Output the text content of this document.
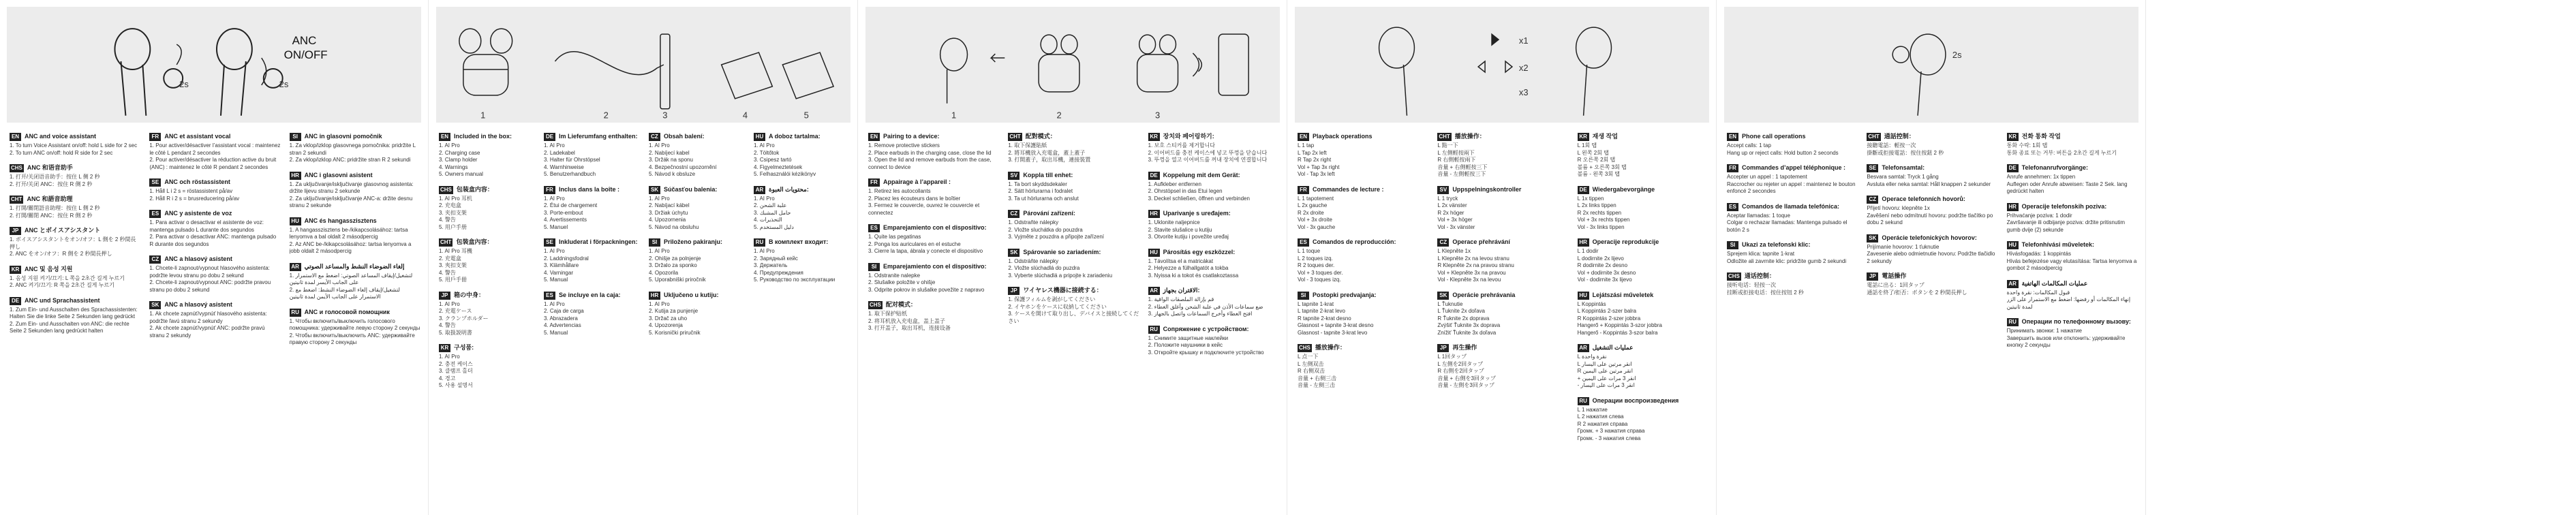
2s	2s
ANC
ON/OFF
EN ANC and voice assistant
1. To turn Voice Assistant on/off: hold L side for 2 sec
2. To turn ANC on/off: hold R side for 2 sec
CHS ANC 和语音助手
1. 打开/关闭语音助手：按住 L 侧 2 秒
2. 打开/关闭 ANC：按住 R 侧 2 秒
CHT ANC 和語音助理
1. 打開/關閉語音助理：按住 L 側 2 秒
2. 打開/關閉 ANC：按住 R 側 2 秒
JP ANC とボイスアシスタント
1. ボイスアシスタントをオン/オフ：L 側を 2 秒間長押し
2. ANC をオン/オフ：R 側を 2 秒間長押し
KR ANC 및 음성 지원
1. 음성 지원 켜기/끄기: L 쪽을 2초간 길게 누르기
2. ANC 켜기/끄기: R 쪽을 2초간 길게 누르기
DE ANC und Sprachassistent
1. Zum Ein- und Ausschalten des Sprachassistenten: Halten Sie die linke Seite 2 Sekunden lang gedrückt
2. Zum Ein- und Ausschalten von ANC: die rechte Seite 2 Sekunden lang gedrückt halten
FR ANC et assistant vocal
1. Pour activer/désactiver l’assistant vocal : maintenez le côté L pendant 2 secondes
2. Pour activer/désactiver la réduction active du bruit (ANC) : maintenez le côté R pendant 2 secondes
SE ANC och röstassistent
1. Håll L i 2 s = röstassistent på/av
2. Håll R i 2 s = brusreducering på/av
ES ANC y asistente de voz
1. Para activar o desactivar el asistente de voz: mantenga pulsado L durante dos segundos
2. Para activar o desactivar ANC: mantenga pulsado R durante dos segundos
CZ ANC a hlasový asistent
1. Chcete-li zapnout/vypnout hlasového asistenta: podržte levou stranu po dobu 2 sekund
2. Chcete-li zapnout/vypnout ANC: podržte pravou stranu po dobu 2 sekund
SK ANC a hlasový asistent
1. Ak chcete zapnúť/vypnúť hlasového asistenta: podržte ľavú stranu 2 sekundy
2. Ak chcete zapnúť/vypnúť ANC: podržte pravú stranu 2 sekundy
SI	ANC in glasovni pomočnik
1. Za vklop/izklop glasovnega pomočnika: pridržite L stran 2 sekundi
2. Za vklop/izklop ANC: pridržite stran R 2 sekundi
HR ANC i glasovni asistent
1. Za uključivanje/isključivanje glasovnog asistenta: držite lijevu stranu 2 sekunde
2. Za uključivanje/isključivanje ANC-a: držite desnu stranu 2 sekunde
HU ANC és hangasszisztens
1. A hangasszisztens be-/kikapcsolásához: tartsa lenyomva a bal oldalt 2 másodpercig
2. Az ANC be-/kikapcsolásához: tartsa lenyomva a jobb oldalt 2 másodpercig
AR إلغاء الضوضاء النشط والمساعد الصوتي
1. لتشغيل/إيقاف المساعد الصوتي: اضغط مع الاستمرار على الجانب الأيسر لمدة ثانيتين
2. لتشغيل/إيقاف إلغاء الضوضاء النشط: اضغط مع الاستمرار على الجانب الأيمن لمدة ثانيتين
RU ANC и голосовой помощник
1. Чтобы включить/выключить голосового помощника: удерживайте левую сторону 2 секунды
2. Чтобы включить/выключить ANC: удерживайте правую сторону 2 секунды
1	2	3	4	5
EN Included in the box:
1. AI Pro
2. Charging case
3. Clamp holder
4. Warnings
5. Owners manual
CHS 包装盒内容：
1. AI Pro 耳机
2. 充电盒
3. 夹扣支架
4. 警告
5. 用户手册
CHT 包裝盒內容：
1. AI Pro 耳機
2. 充電盒
3. 夾扣支架
4. 警告
5. 用戶手冊
JP 箱の中身：
1. AI Pro
2. 充電ケース
3. クランプホルダー
4. 警告
5. 取扱説明書
KR 구성품:
1. AI Pro
2. 충전 케이스
3. 클램프 홀더
4. 경고
5. 사용 설명서
DE Im Lieferumfang enthalten:
1. AI Pro
2. Ladekabel
3. Halter für Ohrstöpsel
4. Warnhinweise
5. Benutzerhandbuch
FR Inclus dans la boîte :
1. AI Pro
2. Étui de chargement
3. Porte-embout
4. Avertissements
5. Manuel
SE Inkluderat i förpackningen:
1. AI Pro
2. Laddningsfodral
3. Klämhållare
4. Varningar
5. Manual
ES Se incluye en la caja:
1. AI Pro
2. Caja de carga
3. Abrazadera
4. Advertencias
5. Manual
CZ Obsah balení:
1. AI Pro
2. Nabíjecí kabel
3. Držák na sponu
4. Bezpečnostní upozornění
5. Návod k obsluze
SK Súčasťou balenia:
1. AI Pro
2. Nabíjací kábel
3. Držiak úchytu
4. Upozornenia
5. Návod na obsluhu
SI	Priloženo pakiranju:
1. AI Pro
2. Ohišje za polnjenje
3. Držalo za sponko
4. Opozorila
5. Uporabniški priročnik
HR Uključeno u kutiju:
1. AI Pro
2. Kutija za punjenje
3. Držač za uho
4. Upozorenja
5. Korisnički priručnik
HU A doboz tartalma:
1. AI Pro
2. Töltőtok
3. Csipesz tartó
4. Figyelmeztetések
5. Felhasználói kézikönyv
AR محتويات العبوة:
1. AI Pro
2. علبة الشحن
3. حامل المشبك
4. التحذيرات
5. دليل المستخدم
RU В комплект входит:
1. AI Pro
2. Зарядный кейс
3. Держатель
4. Предупреждения
5. Руководство по эксплуатации
1	2	3
EN Pairing to a device:
1. Remove protective stickers
2. Place earbuds in the charging case, close the lid
3. Open the lid and remove earbuds from the case, connect to device
FR Appairage à l’appareil :
1. Retirez les autocollants
2. Placez les écouteurs dans le boîtier
3. Fermez le couvercle, ouvrez le couvercle et connectez
ES Emparejamiento con el dispositivo:
1. Quite las pegatinas
2. Ponga los auriculares en el estuche
3. Cierre la tapa, ábrala y conecte el dispositivo
SI	Emparejamiento con el dispositivo:
1. Odstranite nalepke
2. Slušalke položite v ohišje
3. Odprite pokrov in slušalke povežite z napravo
CHS 配对模式：
1. 取下保护贴纸
2. 将耳机放入充电盒，盖上盖子
3. 打开盖子，取出耳机，连接设备
CHT 配對模式：
1. 取下保護貼紙
2. 將耳機放入充電盒，蓋上蓋子
3. 打開蓋子，取出耳機，連接裝置
SV Koppla till enhet:
1. Ta bort skyddsdekaler
2. Sätt hörlurarna i fodralet
3. Ta ut hörlurarna och anslut
CZ Párování zařízení:
1. Odstraňte nálepky
2. Vložte sluchátka do pouzdra
3. Vyjměte z pouzdra a připojte zařízení
SK Spárovanie so zariadením:
1. Odstráňte nálepky
2. Vložte slúchadlá do puzdra
3. Vyberte slúchadlá a pripojte k zariadeniu
JP ワイヤレス機器に接続する：
1. 保護フィルムを剥がしてください
2. イヤホンをケースに収納してください
3. ケースを開けて取り出し、デバイスと接続してください
KR 장치와 페어링하기:
1. 보호 스티커를 제거합니다
2. 이어버드를 충전 케이스에 넣고 뚜껑을 닫습니다
3. 뚜껑을 열고 이어버드를 꺼내 장치에 연결합니다
DE Koppelung mit dem Gerät:
1. Aufkleber entfernen
2. Ohrstöpsel in das Etui legen
3. Deckel schließen, öffnen und verbinden
HR Uparivanje s uređajem:
1. Uklonite naljepnice
2. Stavite slušalice u kutiju
3. Otvorite kutiju i povežite uređaj
HU Párosítás egy eszközzel:
1. Távolítsa el a matricákat
2. Helyezze a fülhallgatót a tokba
3. Nyissa ki a tokot és csatlakoztassa
AR الاقتران بجهاز:
1. قم بإزالة الملصقات الواقية
2. ضع سماعات الأذن في علبة الشحن وأغلق الغطاء
3. افتح الغطاء وأخرج السماعات واتصل بالجهاز
RU Сопряжение с устройством:
1. Снимите защитные наклейки
2. Положите наушники в кейс
3. Откройте крышку и подключите устройство
x1
x2
x3
EN Playback operations
L 1 tap
L Tap 2x left
R Tap 2x right
Vol + Tap 3x right
Vol - Tap 3x left
FR Commandes de lecture :
L 1 tapotement
L 2x gauche
R 2x droite
Vol + 3x droite
Vol - 3x gauche
ES Comandos de reproducción:
L 1 toque
L 2 toques izq.
R 2 toques der.
Vol + 3 toques der.
Vol - 3 toques izq.
SI	Postopki predvajanja:
L tapnite 1-krat
L tapnite 2-krat levo
R tapnite 2-krat desno
Glasnost + tapnite 3-krat desno
Glasnost - tapnite 3-krat levo
CHS 播放操作：
L 点一下
L 左侧双击
R 右侧双击
音量 + 右侧三击
音量 - 左侧三击
CHT 播放操作：
L 點一下
L 左側輕按兩下
R 右側輕按兩下
音量 + 右側輕按三下
音量 - 左側輕按三下
SV Uppspelningskontroller
L 1 tryck
L 2x vänster
R 2x höger
Vol + 3x höger
Vol - 3x vänster
CZ Operace přehrávání
L Klepněte 1x
L Klepněte 2x na levou stranu
R Klepněte 2x na pravou stranu
Vol + Klepněte 3x na pravou
Vol - Klepněte 3x na levou
SK Operácie prehrávania
L Ťuknutie
L Ťuknite 2x doľava
R Ťuknite 2x doprava
Zvýšiť Ťuknite 3x doprava
Znížiť Ťuknite 3x doľava
JP 再生操作
L 1回タップ
L 左側を2回タップ
R 右側を2回タップ
音量 + 右側を3回タップ
音量 - 左側を3回タップ
KR 재생 작업
L 1회 탭
L 왼쪽 2회 탭
R 오른쪽 2회 탭
볼륨 + 오른쪽 3회 탭
볼륨 - 왼쪽 3회 탭
DE Wiedergabevorgänge
L 1x tippen
L 2x links tippen
R 2x rechts tippen
Vol + 3x rechts tippen
Vol - 3x links tippen
HR Operacije reprodukcije
L 1 dodir
L dodirnite 2x lijevo
R dodirnite 2x desno
Vol + dodirnite 3x desno
Vol - dodirnite 3x lijevo
HU Lejátszási műveletek
L Koppintás
L Koppintás 2-szer balra
R Koppintás 2-szer jobbra
Hangerő + Koppintás 3-szor jobbra
Hangerő - Koppintás 3-szor balra
AR عمليات التشغيل
L نقرة واحدة
L انقر مرتين على اليسار
R انقر مرتين على اليمين
+ انقر 3 مرات على اليمين
- انقر 3 مرات على اليسار
RU Операции воспроизведения
L 1 нажатие
L 2 нажатия слева
R 2 нажатия справа
Громк. + 3 нажатия справа
Громк. - 3 нажатия слева
2s
EN Phone call operations
Accept calls: 1 tap
Hang up or reject calls: Hold button 2 seconds
FR Commandes d’appel téléphonique :
Accepter un appel : 1 tapotement
Raccrocher ou rejeter un appel : maintenez le bouton enfoncé 2 secondes
ES Comandos de llamada telefónica:
Aceptar llamadas: 1 toque
Colgar o rechazar llamadas: Mantenga pulsado el botón 2 s
SI	Ukazi za telefonski klic:
Sprejem klica: tapnite 1-krat
Odložite ali zavrnite klic: pridržite gumb 2 sekundi
CHS 通话控制：
接听电话：轻按一次
挂断或拒接电话：按住按钮 2 秒
CHT 通話控制：
接聽電話：輕按一次
掛斷或拒接電話：按住按鈕 2 秒
SE Telefonsamtal:
Besvara samtal: Tryck 1 gång
Avsluta eller neka samtal: Håll knappen 2 sekunder
CZ Operace telefonních hovorů:
Přijetí hovoru: klepněte 1x
Zavěšení nebo odmítnutí hovoru: podržte tlačítko po dobu 2 sekund
SK Operácie telefonických hovorov:
Prijímanie hovorov: 1 ťuknutie
Zavesenie alebo odmietnutie hovoru: Podržte tlačidlo 2 sekundy
JP 電話操作
電話に出る：1回タップ
通話を終了/拒否：ボタンを 2 秒間長押し
KR 전화 통화 작업
통화 수락: 1회 탭
통화 종료 또는 거부: 버튼을 2초간 길게 누르기
DE Telefonanrufvorgänge:
Anrufe annehmen: 1x tippen
Auflegen oder Anrufe abweisen: Taste 2 Sek. lang gedrückt halten
HR Operacije telefonskih poziva:
Prihvaćanje poziva: 1 dodir
Završavanje ili odbijanje poziva: držite pritisnutim gumb dvije (2) sekunde
HU Telefonhívási műveletek:
Hívásfogadás: 1 koppintás
Hívás befejezése vagy elutasítása: Tartsa lenyomva a gombot 2 másodpercig
AR عمليات المكالمات الهاتفية
قبول المكالمات: نقرة واحدة
إنهاء المكالمات أو رفضها: اضغط مع الاستمرار على الزر لمدة ثانيتين
RU Операции по телефонному вызову:
Принимать звонки: 1 нажатие
Завершить вызов или отклонить: удерживайте кнопку 2 секунды
